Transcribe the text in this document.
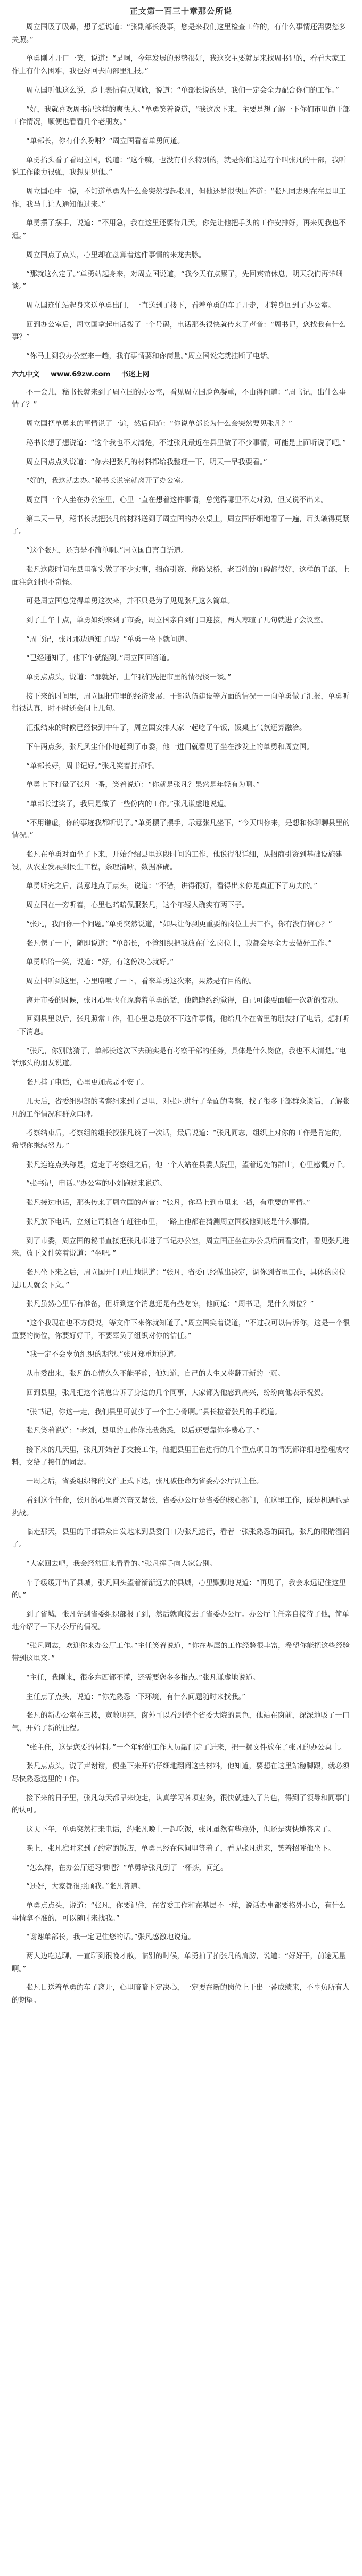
正文第一百三十章那公所说

周立国吸了吸鼻，想了想说道：“张副部长没事，您是来我们这里检查工作的，有什么事情还需要您多关照。”

单勇刚才开口一笑，说道：“是啊，今年发展的形势很好，我这次主要就是来找周书记的，看看大家工作上有什么困难，我也好回去向部里汇报。”

周立国听他这么说，脸上表情有点尴尬，说道：“单部长说的是，我们一定会全力配合你们的工作。”

“好，我就喜欢周书记这样的爽快人。”单勇笑着说道，“我这次下来，主要是想了解一下你们市里的干部工作情况，顺便也看看几个老朋友。”

“单部长，你有什么吩咐？”周立国看着单勇问道。

单勇抬头看了看周立国，说道：“这个嘛，也没有什么特别的，就是你们这边有个叫张凡的干部，我听说工作能力很强，我想见见他。”

周立国心中一惊，不知道单勇为什么会突然提起张凡，但他还是很快回答道：“张凡同志现在在县里工作，我马上让人通知他过来。”

单勇摆了摆手，说道：“不用急，我在这里还要待几天，你先让他把手头的工作安排好，再来见我也不迟。”

周立国点了点头，心里却在盘算着这件事情的来龙去脉。

“那就这么定了。”单勇站起身来，对周立国说道，“我今天有点累了，先回宾馆休息，明天我们再详细谈。”

周立国连忙站起身来送单勇出门，一直送到了楼下，看着单勇的车子开走，才转身回到了办公室。

回到办公室后，周立国拿起电话拨了一个号码，电话那头很快就传来了声音：“周书记，您找我有什么事？”

“你马上到我办公室来一趟，我有事情要和你商量。”周立国说完就挂断了电话。

六九中文 www.69zw.com 书迷上网

不一会儿，秘书长就来到了周立国的办公室，看见周立国脸色凝重，不由得问道：“周书记，出什么事情了？”

周立国把单勇来的事情说了一遍，然后问道：“你说单部长为什么会突然要见张凡？”

秘书长想了想说道：“这个我也不太清楚，不过张凡最近在县里做了不少事情，可能是上面听说了吧。”

周立国点点头说道：“你去把张凡的材料都给我整理一下，明天一早我要看。”

“好的，我这就去办。”秘书长说完就离开了办公室。

周立国一个人坐在办公室里，心里一直在想着这件事情，总觉得哪里不太对劲，但又说不出来。

第二天一早，秘书长就把张凡的材料送到了周立国的办公桌上，周立国仔细地看了一遍，眉头皱得更紧了。

“这个张凡，还真是不简单啊。”周立国自言自语道。

张凡这段时间在县里确实做了不少实事，招商引资、修路架桥，老百姓的口碑都很好，这样的干部，上面注意到也不奇怪。

可是周立国总觉得单勇这次来，并不只是为了见见张凡这么简单。

到了上午十点，单勇如约来到了市委，周立国亲自到门口迎接，两人寒暄了几句就进了会议室。

“周书记，张凡那边通知了吗？”单勇一坐下就问道。

“已经通知了，他下午就能到。”周立国回答道。

单勇点点头，说道：“那就好，上午我们先把市里的情况谈一谈。”

接下来的时间里，周立国把市里的经济发展、干部队伍建设等方面的情况一一向单勇做了汇报，单勇听得很认真，时不时还会问上几句。

汇报结束的时候已经快到中午了，周立国安排大家一起吃了午饭，饭桌上气氛还算融洽。

下午两点多，张凡风尘仆仆地赶到了市委，他一进门就看见了坐在沙发上的单勇和周立国。

“单部长好，周书记好。”张凡笑着打招呼。

单勇上下打量了张凡一番，笑着说道：“你就是张凡？果然是年轻有为啊。”

“单部长过奖了，我只是做了一些份内的工作。”张凡谦虚地说道。

“不用谦虚，你的事迹我都听说了。”单勇摆了摆手，示意张凡坐下，“今天叫你来，是想和你聊聊县里的情况。”

张凡在单勇对面坐了下来，开始介绍县里这段时间的工作，他说得很详细，从招商引资到基础设施建设，从农业发展到民生工程，条理清晰，数据准确。

单勇听完之后，满意地点了点头，说道：“不错，讲得很好，看得出来你是真正下了功夫的。”

周立国在一旁听着，心里也暗暗佩服张凡，这个年轻人确实有两下子。

“张凡，我问你一个问题。”单勇突然说道，“如果让你到更重要的岗位上去工作，你有没有信心？”

张凡愣了一下，随即说道：“单部长，不管组织把我放在什么岗位上，我都会尽全力去做好工作。”

单勇哈哈一笑，说道：“好，有这份决心就好。”

周立国听到这里，心里咯噔了一下，看来单勇这次来，果然是有目的的。

离开市委的时候，张凡心里也在琢磨着单勇的话，他隐隐约约觉得，自己可能要面临一次新的变动。

回到县里以后，张凡照常工作，但心里总是放不下这件事情，他给几个在省里的朋友打了电话，想打听一下消息。

“张凡，你别瞎猜了，单部长这次下去确实是有考察干部的任务，具体是什么岗位，我也不太清楚。”电话那头的朋友说道。

张凡挂了电话，心里更加忐忑不安了。

几天后，省委组织部的考察组来到了县里，对张凡进行了全面的考察，找了很多干部群众谈话，了解张凡的工作情况和群众口碑。

考察结束后，考察组的组长找张凡谈了一次话，最后说道：“张凡同志，组织上对你的工作是肯定的，希望你继续努力。”

张凡连连点头称是，送走了考察组之后，他一个人站在县委大院里，望着远处的群山，心里感慨万千。

“张书记，电话。”办公室的小刘跑过来说道。

张凡接过电话，那头传来了周立国的声音：“张凡，你马上到市里来一趟，有重要的事情。”

张凡放下电话，立刻让司机备车赶往市里，一路上他都在猜测周立国找他到底是什么事情。

到了市委，周立国的秘书直接把张凡带进了书记办公室，周立国正坐在办公桌后面看文件，看见张凡进来，放下文件笑着说道：“坐吧。”

张凡坐下来之后，周立国开门见山地说道：“张凡，省委已经做出决定，调你到省里工作，具体的岗位过几天就会下文。”

张凡虽然心里早有准备，但听到这个消息还是有些吃惊，他问道：“周书记，是什么岗位？”

“这个我现在也不方便说，等文件下来你就知道了。”周立国笑着说道，“不过我可以告诉你，这是一个很重要的岗位，你要好好干，不要辜负了组织对你的信任。”

“我一定不会辜负组织的期望。”张凡郑重地说道。

从市委出来，张凡的心情久久不能平静，他知道，自己的人生又将翻开新的一页。

回到县里，张凡把这个消息告诉了身边的几个同事，大家都为他感到高兴，纷纷向他表示祝贺。

“张书记，你这一走，我们县里可就少了一个主心骨啊。”县长拉着张凡的手说道。

张凡笑着说道：“老刘，县里的工作你比我熟悉，以后还要靠你多费心了。”

接下来的几天里，张凡开始着手交接工作，他把县里正在进行的几个重点项目的情况都详细地整理成材料，交给了接任的同志。

一周之后，省委组织部的文件正式下达，张凡被任命为省委办公厅副主任。

看到这个任命，张凡的心里既兴奋又紧张，省委办公厅是省委的核心部门，在这里工作，既是机遇也是挑战。

临走那天，县里的干部群众自发地来到县委门口为张凡送行，看着一张张熟悉的面孔，张凡的眼睛湿润了。

“大家回去吧，我会经常回来看看的。”张凡挥手向大家告别。

车子缓缓开出了县城，张凡回头望着渐渐远去的县城，心里默默地说道：“再见了，我会永远记住这里的。”

到了省城，张凡先到省委组织部报了到，然后就直接去了省委办公厅。办公厅主任亲自接待了他，简单地介绍了一下办公厅的情况。

“张凡同志，欢迎你来办公厅工作。”主任笑着说道，“你在基层的工作经验很丰富，希望你能把这些经验带到这里来。”

“主任，我刚来，很多东西都不懂，还需要您多多指点。”张凡谦虚地说道。

主任点了点头，说道：“你先熟悉一下环境，有什么问题随时来找我。”

张凡的新办公室在三楼，宽敞明亮，窗外可以看到整个省委大院的景色，他站在窗前，深深地吸了一口气，开始了新的征程。

“张主任，这是您要的材料。”一个年轻的工作人员敲门走了进来，把一摞文件放在了张凡的办公桌上。

张凡点点头，说了声谢谢，便坐下来开始仔细地翻阅这些材料，他知道，要想在这里站稳脚跟，就必须尽快熟悉这里的工作。

接下来的日子里，张凡每天都早来晚走，认真学习各项业务，很快就进入了角色，得到了领导和同事们的认可。

这天下午，单勇突然打来电话，约张凡晚上一起吃饭，张凡虽然有些意外，但还是爽快地答应了。

晚上，张凡准时来到了约定的饭店，单勇已经在包间里等着了，看见张凡进来，笑着招呼他坐下。

“怎么样，在办公厅还习惯吧？”单勇给张凡倒了一杯茶，问道。

“还好，大家都很照顾我。”张凡答道。

单勇点点头，说道：“张凡，你要记住，在省委工作和在基层不一样，说话办事都要格外小心，有什么事情拿不准的，可以随时来找我。”

“谢谢单部长，我一定记住您的话。”张凡感激地说道。

两人边吃边聊，一直聊到很晚才散，临别的时候，单勇拍了拍张凡的肩膀，说道：“好好干，前途无量啊。”

张凡目送着单勇的车子离开，心里暗暗下定决心，一定要在新的岗位上干出一番成绩来，不辜负所有人的期望。
